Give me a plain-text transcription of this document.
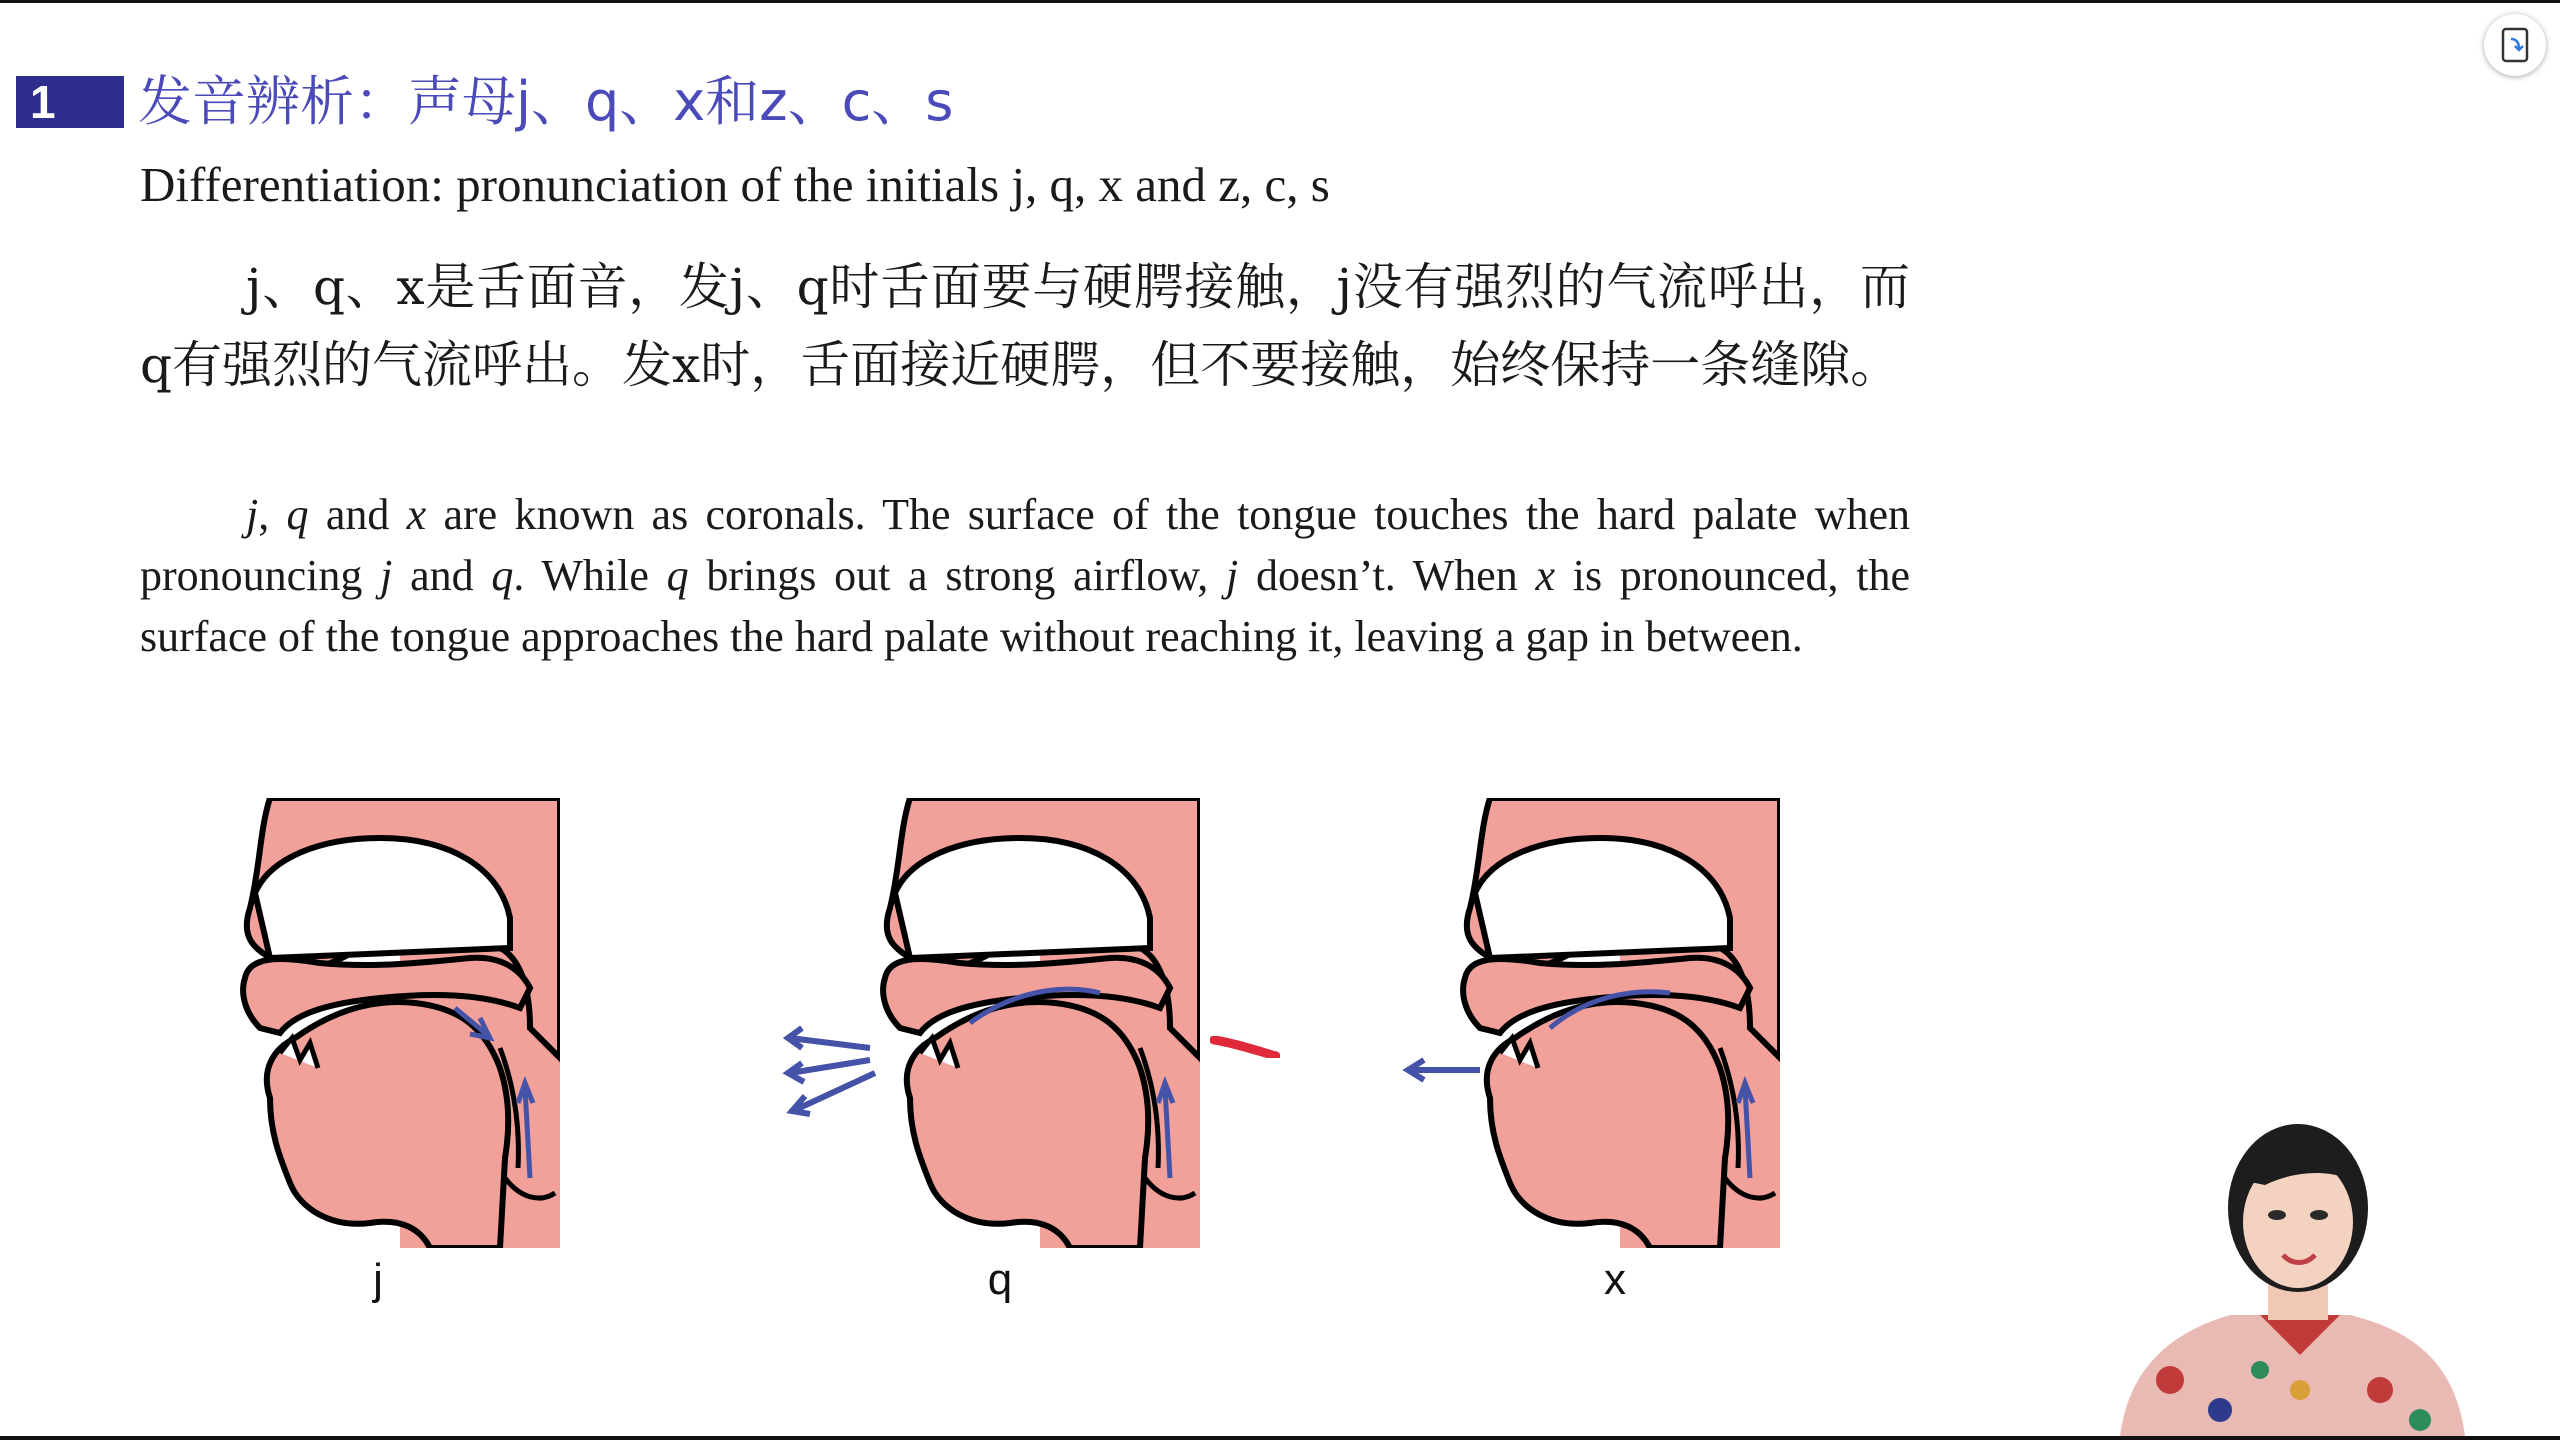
1	发音辨析：声母j、q、x和z、c、s
Differentiation: pronunciation of the initials j, q, x and z, c, s

j、q、x是舌面音，发j、q时舌面要与硬腭接触，j没有强烈的气流呼出，而q有强烈的气流呼出。发x时，舌面接近硬腭，但不要接触，始终保持一条缝隙。

j, q and x are known as coronals. The surface of the tongue touches the hard palate when pronouncing j and q. While q brings out a strong airflow, j doesn’t. When x is pronounced, the surface of the tongue approaches the hard palate without reaching it, leaving a gap in between.

j	q	x
